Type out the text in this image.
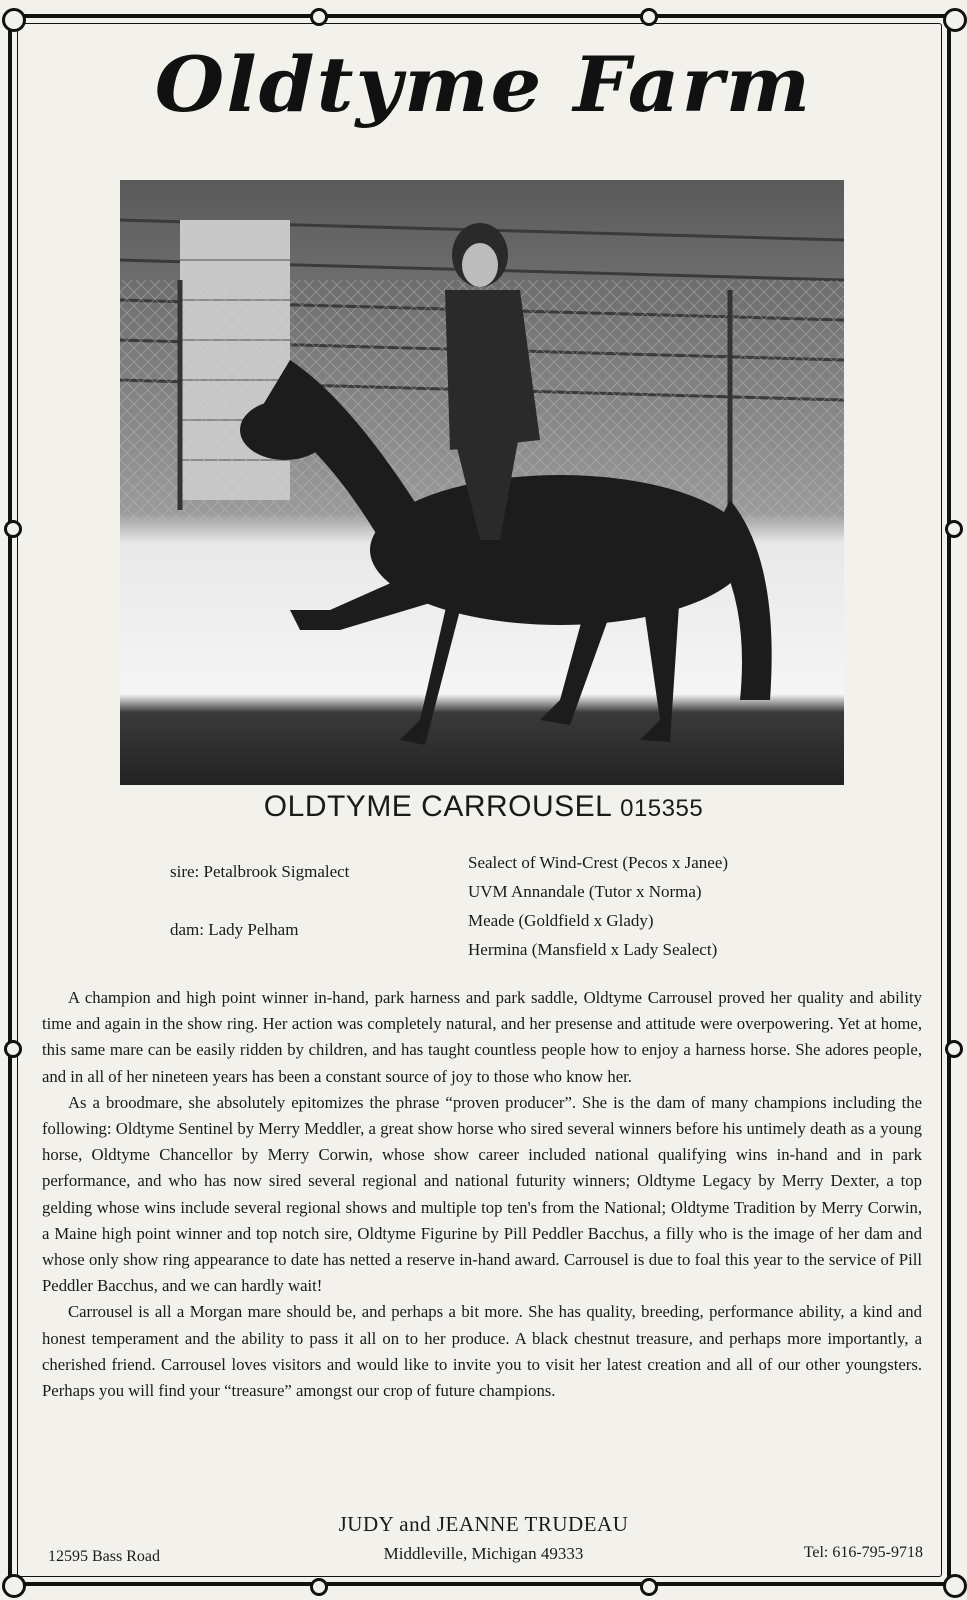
Oldtyme Farm
OLDTYME CARROUSEL 015355
sire: Petalbrook Sigmalect
dam: Lady Pelham
Sealect of Wind-Crest (Pecos x Janee)
UVM Annandale (Tutor x Norma)
Meade (Goldfield x Glady)
Hermina (Mansfield x Lady Sealect)

A champion and high point winner in-hand, park harness and park saddle, Oldtyme Carrousel proved her quality and ability time and again in the show ring. Her action was completely natural, and her presense and attitude were overpowering. Yet at home, this same mare can be easily ridden by children, and has taught countless people how to enjoy a harness horse. She adores people, and in all of her nineteen years has been a constant source of joy to those who know her.

As a broodmare, she absolutely epitomizes the phrase “proven producer”. She is the dam of many champions including the following: Oldtyme Sentinel by Merry Meddler, a great show horse who sired several winners before his untimely death as a young horse, Oldtyme Chancellor by Merry Corwin, whose show career included national qualifying wins in-hand and in park performance, and who has now sired several regional and national futurity winners; Oldtyme Legacy by Merry Dexter, a top gelding whose wins include several regional shows and multiple top ten's from the National; Oldtyme Tradition by Merry Corwin, a Maine high point winner and top notch sire, Oldtyme Figurine by Pill Peddler Bacchus, a filly who is the image of her dam and whose only show ring appearance to date has netted a reserve in-hand award. Carrousel is due to foal this year to the service of Pill Peddler Bacchus, and we can hardly wait!

Carrousel is all a Morgan mare should be, and perhaps a bit more. She has quality, breeding, performance ability, a kind and honest temperament and the ability to pass it all on to her produce. A black chestnut treasure, and perhaps more importantly, a cherished friend. Carrousel loves visitors and would like to invite you to visit her latest creation and all of our other youngsters. Perhaps you will find your “treasure” amongst our crop of future champions.

JUDY and JEANNE TRUDEAU
Middleville, Michigan 49333
12595 Bass Road	Tel: 616-795-9718
